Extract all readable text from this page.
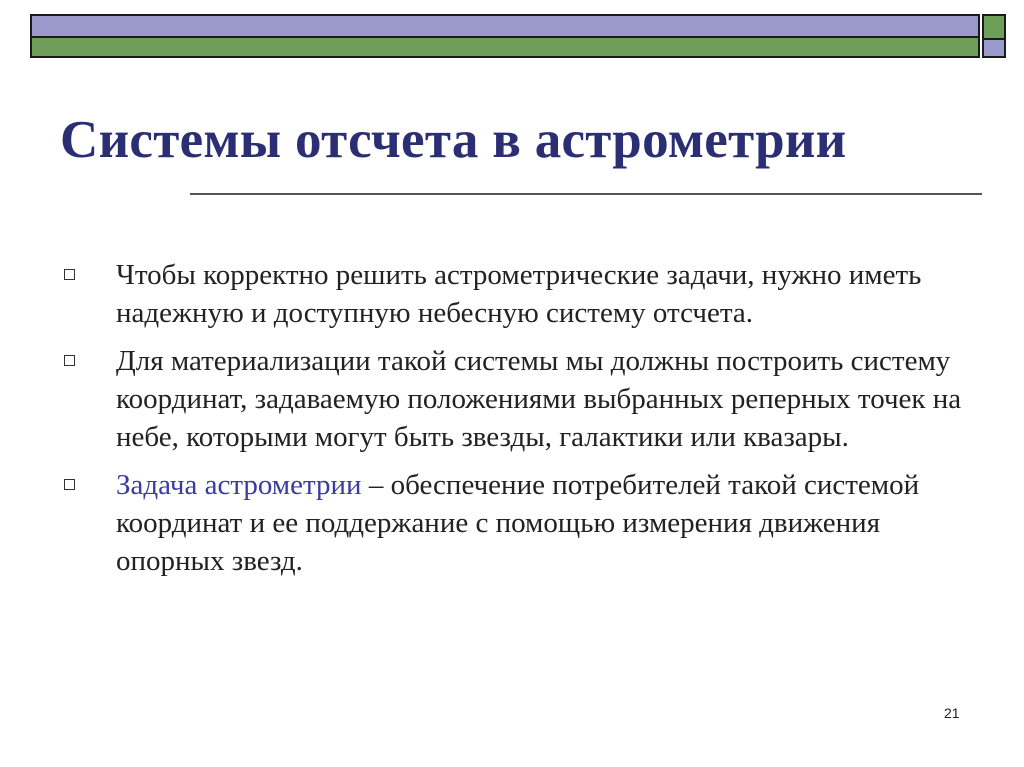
Системы отсчета в астрометрии
Чтобы корректно решить астрометрические задачи, нужно иметь надежную и доступную небесную систему отсчета.
Для материализации такой системы мы должны построить систему координат, задаваемую положениями выбранных реперных точек на небе, которыми могут быть звезды, галактики или квазары.
Задача астрометрии – обеспечение потребителей такой системой координат и ее поддержание с помощью измерения движения опорных звезд.
21
